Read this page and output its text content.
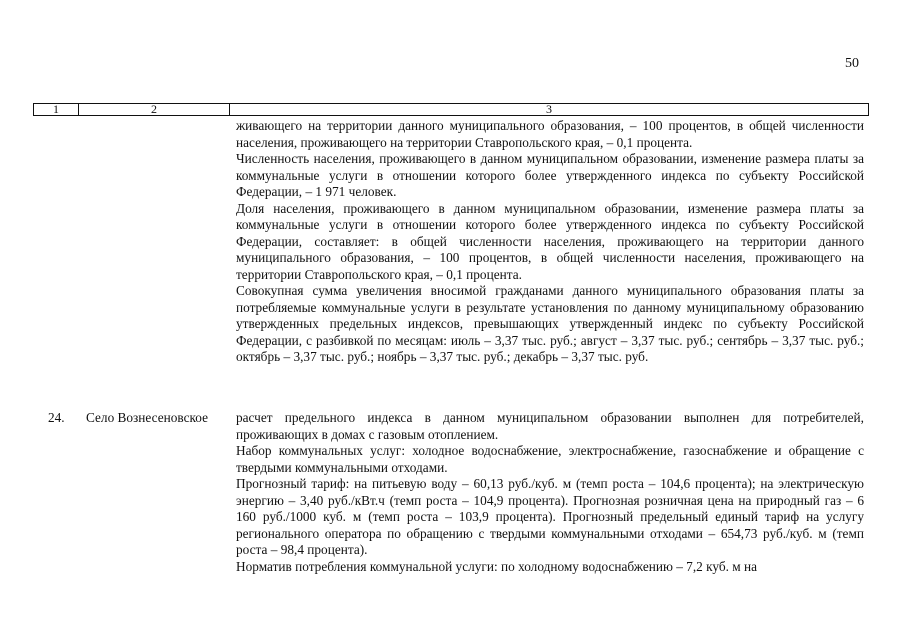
50
1	2	3

живающего на территории данного муниципального образования, – 100 процентов, в общей численности населения, проживающего на территории Ставропольского края, – 0,1 процента.

Численность населения, проживающего в данном муниципальном образовании, изменение размера платы за коммунальные услуги в отношении которого более утвержденного индекса по субъекту Российской Федерации, – 1 971 человек.

Доля населения, проживающего в данном муниципальном образовании, изменение размера платы за коммунальные услуги в отношении которого более утвержденного индекса по субъекту Российской Федерации, составляет: в общей численности населения, проживающего на территории данного муниципального образования, – 100 процентов, в общей численности населения, проживающего на территории Ставропольского края, – 0,1 процента.

Совокупная сумма увеличения вносимой гражданами данного муниципального образования платы за потребляемые коммунальные услуги в результате установления по данному муниципальному образованию утвержденных предельных индексов, превышающих утвержденный индекс по субъекту Российской Федерации, с разбивкой по месяцам: июль – 3,37 тыс. руб.; август – 3,37 тыс. руб.; сентябрь – 3,37 тыс. руб.; октябрь – 3,37 тыс. руб.; ноябрь – 3,37 тыс. руб.; декабрь – 3,37 тыс. руб.

24. Село Вознесеновское расчет предельного индекса в данном муниципальном образовании выполнен для потребителей, проживающих в домах с газовым отоплением.

Набор коммунальных услуг: холодное водоснабжение, электроснабжение, газоснабжение и обращение с твердыми коммунальными отходами.

Прогнозный тариф: на питьевую воду – 60,13 руб./куб. м (темп роста – 104,6 процента); на электрическую энергию – 3,40 руб./кВт.ч (темп роста – 104,9 процента). Прогнозная розничная цена на природный газ – 6 160 руб./1000 куб. м (темп роста – 103,9 процента). Прогнозный предельный единый тариф на услугу регионального оператора по обращению с твердыми коммунальными отходами – 654,73 руб./куб. м (темп роста – 98,4 процента).

Норматив потребления коммунальной услуги: по холодному водоснабжению – 7,2 куб. м на
